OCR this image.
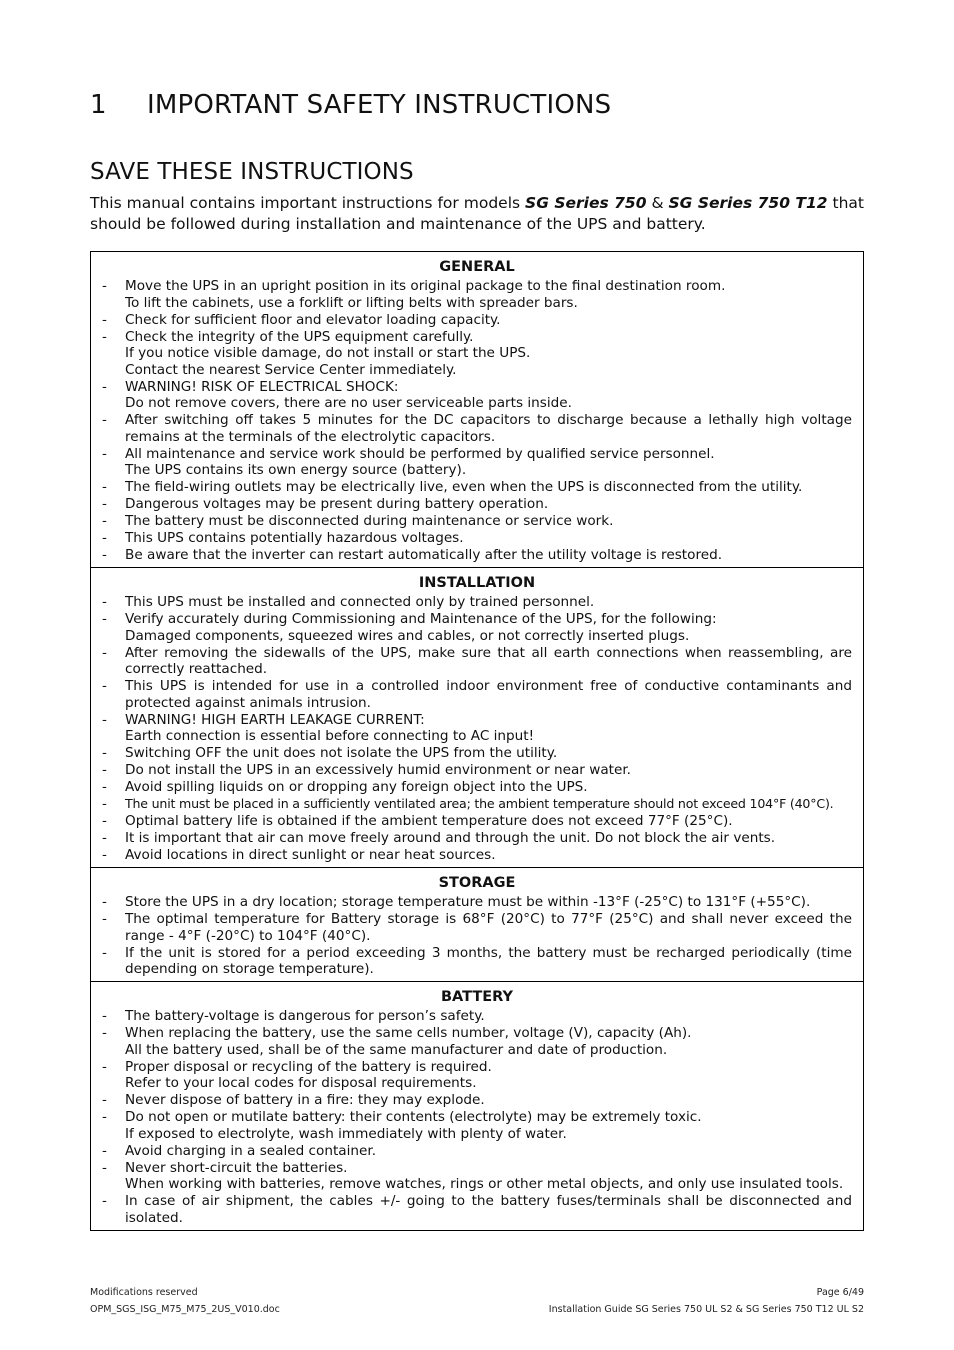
1 IMPORTANT SAFETY INSTRUCTIONS
SAVE THESE INSTRUCTIONS

This manual contains important instructions for models SG Series 750 & SG Series 750 T12 that should be followed during installation and maintenance of the UPS and battery.

GENERAL
- Move the UPS in an upright position in its original package to the final destination room.
To lift the cabinets, use a forklift or lifting belts with spreader bars.
- Check for sufficient floor and elevator loading capacity.
- Check the integrity of the UPS equipment carefully.
If you notice visible damage, do not install or start the UPS.
Contact the nearest Service Center immediately.
- WARNING! RISK OF ELECTRICAL SHOCK:
Do not remove covers, there are no user serviceable parts inside.
- After switching off takes 5 minutes for the DC capacitors to discharge because a lethally high voltage remains at the terminals of the electrolytic capacitors.
- All maintenance and service work should be performed by qualified service personnel.
The UPS contains its own energy source (battery).
- The field-wiring outlets may be electrically live, even when the UPS is disconnected from the utility.
- Dangerous voltages may be present during battery operation.
- The battery must be disconnected during maintenance or service work.
- This UPS contains potentially hazardous voltages.
- Be aware that the inverter can restart automatically after the utility voltage is restored.
INSTALLATION
- This UPS must be installed and connected only by trained personnel.
- Verify accurately during Commissioning and Maintenance of the UPS, for the following:
Damaged components, squeezed wires and cables, or not correctly inserted plugs.
- After removing the sidewalls of the UPS, make sure that all earth connections when reassembling, are correctly reattached.
- This UPS is intended for use in a controlled indoor environment free of conductive contaminants and protected against animals intrusion.
- WARNING! HIGH EARTH LEAKAGE CURRENT:
Earth connection is essential before connecting to AC input!
- Switching OFF the unit does not isolate the UPS from the utility.
- Do not install the UPS in an excessively humid environment or near water.
- Avoid spilling liquids on or dropping any foreign object into the UPS.
- The unit must be placed in a sufficiently ventilated area; the ambient temperature should not exceed 104°F (40°C).
- Optimal battery life is obtained if the ambient temperature does not exceed 77°F (25°C).
- It is important that air can move freely around and through the unit. Do not block the air vents.
- Avoid locations in direct sunlight or near heat sources.
STORAGE
- Store the UPS in a dry location; storage temperature must be within -13°F (-25°C) to 131°F (+55°C).
- The optimal temperature for Battery storage is 68°F (20°C) to 77°F (25°C) and shall never exceed the range - 4°F (-20°C) to 104°F (40°C).
- If the unit is stored for a period exceeding 3 months, the battery must be recharged periodically (time depending on storage temperature).
BATTERY
- The battery-voltage is dangerous for person’s safety.
- When replacing the battery, use the same cells number, voltage (V), capacity (Ah).
All the battery used, shall be of the same manufacturer and date of production.
- Proper disposal or recycling of the battery is required.
Refer to your local codes for disposal requirements.
- Never dispose of battery in a fire: they may explode.
- Do not open or mutilate battery: their contents (electrolyte) may be extremely toxic.
If exposed to electrolyte, wash immediately with plenty of water.
- Avoid charging in a sealed container.
- Never short-circuit the batteries.
When working with batteries, remove watches, rings or other metal objects, and only use insulated tools.
- In case of air shipment, the cables +/- going to the battery fuses/terminals shall be disconnected and isolated.
Modifications reserved
OPM_SGS_ISG_M75_M75_2US_V010.doc
Page 6/49
Installation Guide SG Series 750 UL S2 & SG Series 750 T12 UL S2
